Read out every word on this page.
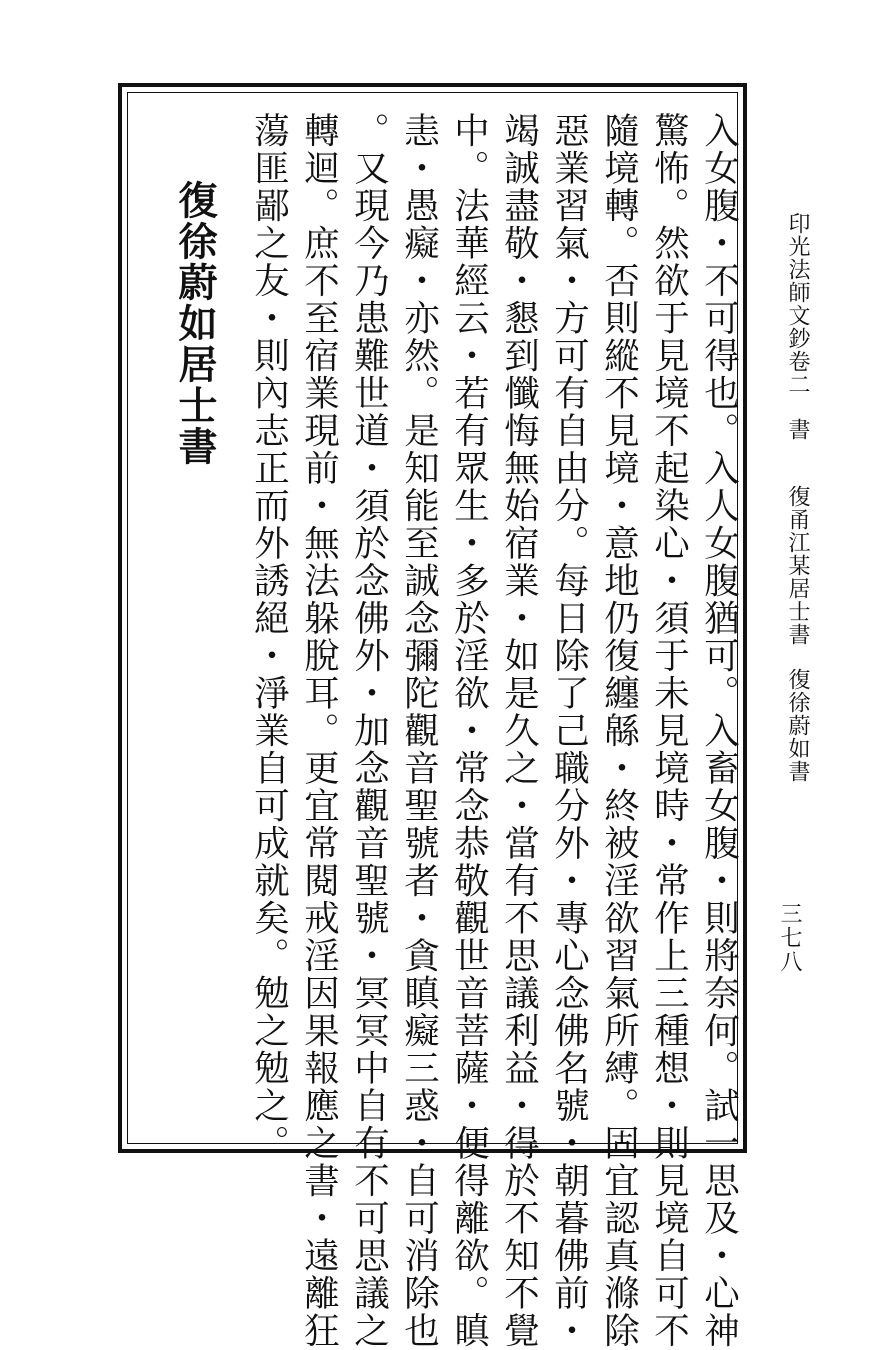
印光法師文鈔卷二書復甬江某居士書復徐蔚如書
入女腹・不可得也。入人女腹猶可。入畜女腹・則將奈何。試一思及・心神
驚怖。然欲于見境不起染心・須于未見境時・常作上三種想・則見境自可不
隨境轉。否則縱不見境・意地仍復纏緜・終被淫欲習氣所縛。固宜認真滌除
惡業習氣・方可有自由分。每日除了己職分外・專心念佛名號・朝暮佛前・
竭誠盡敬・懇到懺悔無始宿業・如是久之・當有不思議利益・得於不知不覺
中。法華經云・若有眾生・多於淫欲・常念恭敬觀世音菩薩・便得離欲。瞋
恚・愚癡・亦然。是知能至誠念彌陀觀音聖號者・貪瞋癡三惑・自可消除也
。又現今乃患難世道・須於念佛外・加念觀音聖號・冥冥中自有不可思議之
轉迴。庶不至宿業現前・無法躲脫耳。更宜常閱戒淫因果報應之書・遠離狂
蕩匪鄙之友・則內志正而外誘絕・淨業自可成就矣。勉之勉之。
復徐蔚如居士書
三七八
